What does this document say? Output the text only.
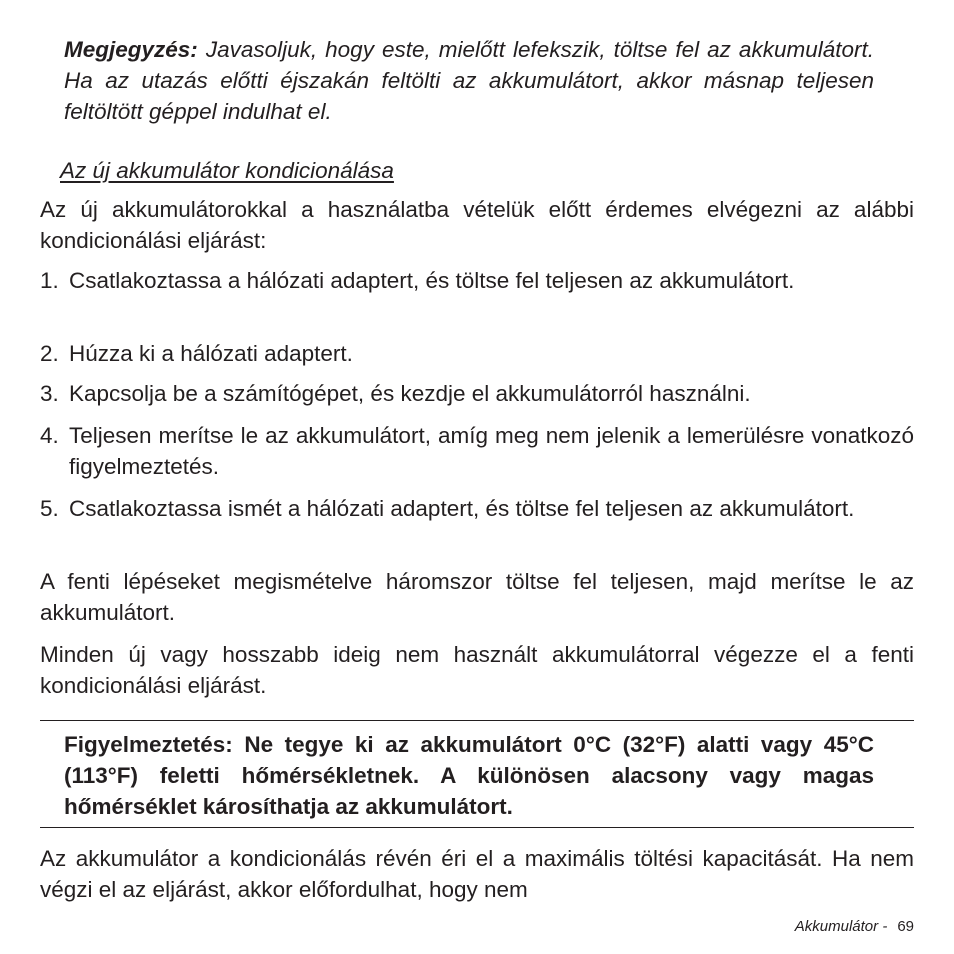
Megjegyzés: Javasoljuk, hogy este, mielőtt lefekszik, töltse fel az akkumulátort. Ha az utazás előtti éjszakán feltölti az akkumulátort, akkor másnap teljesen feltöltött géppel indulhat el.
Az új akkumulátor kondicionálása
Az új akkumulátorokkal a használatba vételük előtt érdemes elvégezni az alábbi kondicionálási eljárást:
1. Csatlakoztassa a hálózati adaptert, és töltse fel teljesen az akkumulátort.
2. Húzza ki a hálózati adaptert.
3. Kapcsolja be a számítógépet, és kezdje el akkumulátorról használni.
4. Teljesen merítse le az akkumulátort, amíg meg nem jelenik a lemerülésre vonatkozó figyelmeztetés.
5. Csatlakoztassa ismét a hálózati adaptert, és töltse fel teljesen az akkumulátort.
A fenti lépéseket megismételve háromszor töltse fel teljesen, majd merítse le az akkumulátort.
Minden új vagy hosszabb ideig nem használt akkumulátorral végezze el a fenti kondicionálási eljárást.
Az akkumulátor a kondicionálás révén éri el a maximális töltési kapacitását. Ha nem végzi el az eljárást, akkor előfordulhat, hogy nem
Figyelmeztetés: Ne tegye ki az akkumulátort 0°C (32°F) alatti vagy 45°C (113°F) feletti hőmérsékletnek. A különösen alacsony vagy magas hőmérséklet károsíthatja az akkumulátort.
Akkumulátor - 69
